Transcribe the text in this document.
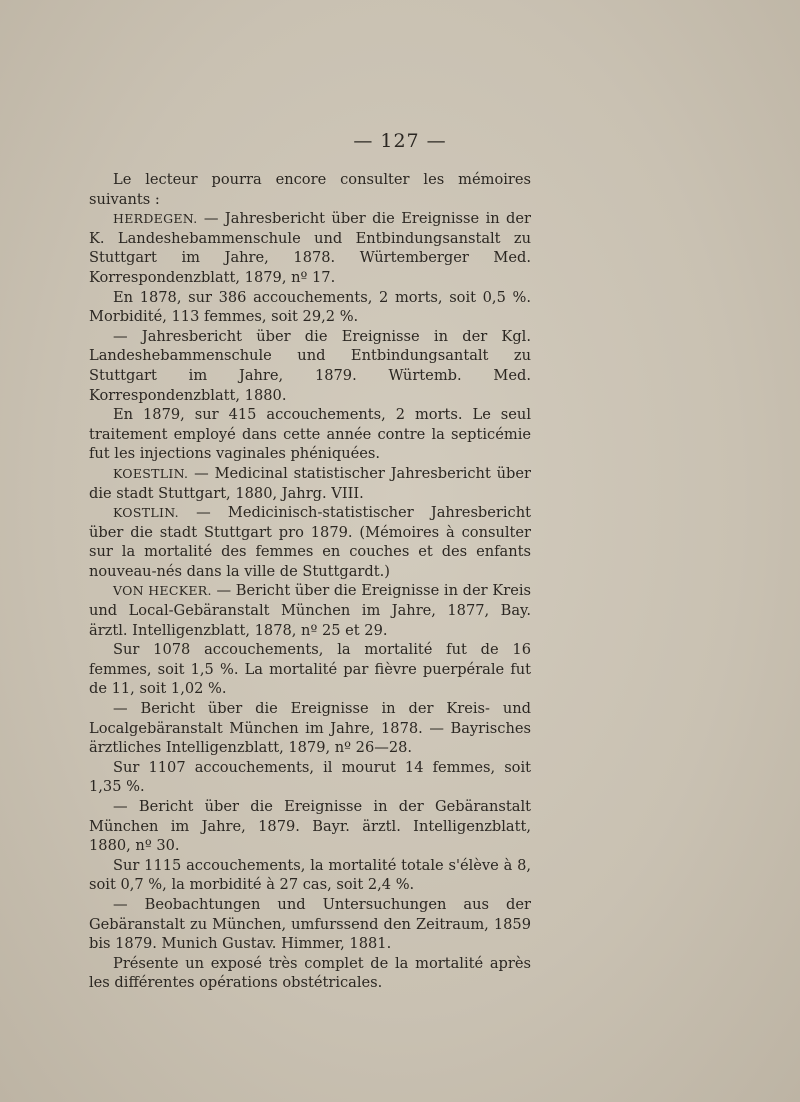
— 127 —

Le lecteur pourra encore consulter les mémoires suivants :

HERDEGEN. — Jahresbericht über die Ereignisse in der K. Landeshebammenschule und Entbindungsanstalt zu Stuttgart im Jahre, 1878. Würtemberger Med. Korrespondenzblatt, 1879, nº 17.

En 1878, sur 386 accouchements, 2 morts, soit 0,5 %. Morbidité, 113 femmes, soit 29,2 %.

— Jahresbericht über die Ereignisse in der Kgl. Landeshebammenschule und Entbindungsantalt zu Stuttgart im Jahre, 1879. Würtemb. Med. Korrespondenzblatt, 1880.

En 1879, sur 415 accouchements, 2 morts. Le seul traitement employé dans cette année contre la septicémie fut les injections vaginales phéniquées.

KOESTLIN. — Medicinal statistischer Jahresbericht über die stadt Stuttgart, 1880, Jahrg. VIII.

KOSTLIN. — Medicinisch-statistischer Jahresbericht über die stadt Stuttgart pro 1879. (Mémoires à consulter sur la mortalité des femmes en couches et des enfants nouveau-nés dans la ville de Stuttgardt.)

VON HECKER. — Bericht über die Ereignisse in der Kreis und Local-Gebäranstalt München im Jahre, 1877, Bay. ärztl. Intelligenzblatt, 1878, nº 25 et 29.

Sur 1078 accouchements, la mortalité fut de 16 femmes, soit 1,5 %. La mortalité par fièvre puerpérale fut de 11, soit 1,02 %.

— Bericht über die Ereignisse in der Kreis- und Localgebäranstalt München im Jahre, 1878. — Bayrisches ärztliches Intelligenzblatt, 1879, nº 26—28.

Sur 1107 accouchements, il mourut 14 femmes, soit 1,35 %.

— Bericht über die Ereignisse in der Gebäranstalt München im Jahre, 1879. Bayr. ärztl. Intelligenzblatt, 1880, nº 30.

Sur 1115 accouchements, la mortalité totale s'élève à 8, soit 0,7 %, la morbidité à 27 cas, soit 2,4 %.

— Beobachtungen und Untersuchungen aus der Gebäranstalt zu München, umfurssend den Zeitraum, 1859 bis 1879. Munich Gustav. Himmer, 1881.

Présente un exposé très complet de la mortalité après les différentes opérations obstétricales.
